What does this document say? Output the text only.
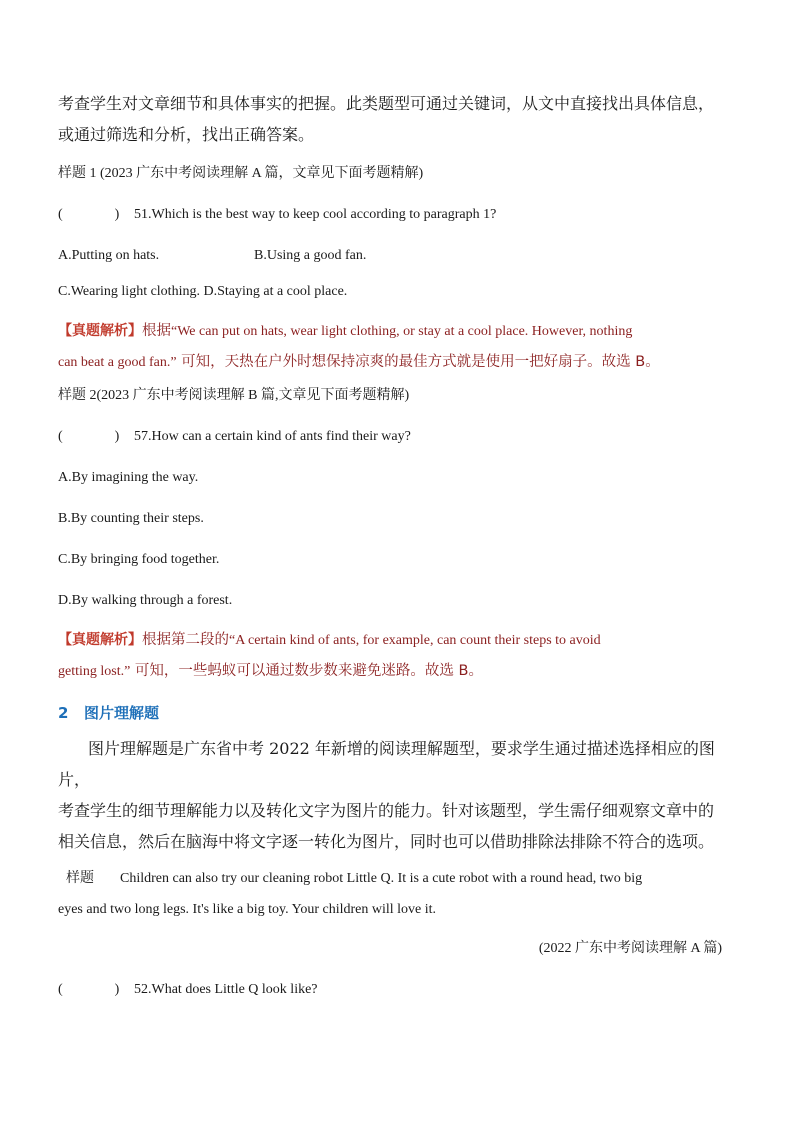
考查学生对文章细节和具体事实的把握。此类题型可通过关键词，从文中直接找出具体信息，

或通过筛选和分析，找出正确答案。

样题 1 (2023 广东中考阅读理解 A 篇，文章见下面考题精解)

(	) 51.Which is the best way to keep cool according to paragraph 1?

A.Putting on hats.	B.Using a good fan.

C.Wearing light clothing. D.Staying at a cool place.

【真题解析】根据“We can put on hats, wear light clothing, or stay at a cool place. However, nothing
can beat a good fan.” 可知，天热在户外时想保持凉爽的最佳方式就是使用一把好扇子。故选 B。

样题 2(2023 广东中考阅读理解 B 篇,文章见下面考题精解)

(	) 57.How can a certain kind of ants find their way?

A.By imagining the way.

B.By counting their steps.

C.By bringing food together.

D.By walking through a forest.

【真题解析】根据第二段的“A certain kind of ants, for example, can count their steps to avoid
getting lost.” 可知，一些蚂蚁可以通过数步数来避免迷路。故选 B。
2 图片理解题

图片理解题是广东省中考 2022 年新增的阅读理解题型，要求学生通过描述选择相应的图片，

考查学生的细节理解能力以及转化文字为图片的能力。针对该题型，学生需仔细观察文章中的

相关信息，然后在脑海中将文字逐一转化为图片，同时也可以借助排除法排除不符合的选项。

样题 Children can also try our cleaning robot Little Q. It is a cute robot with a round head, two big

eyes and two long legs. It's like a big toy. Your children will love it.

(2022 广东中考阅读理解 A 篇)

(	) 52.What does Little Q look like?
